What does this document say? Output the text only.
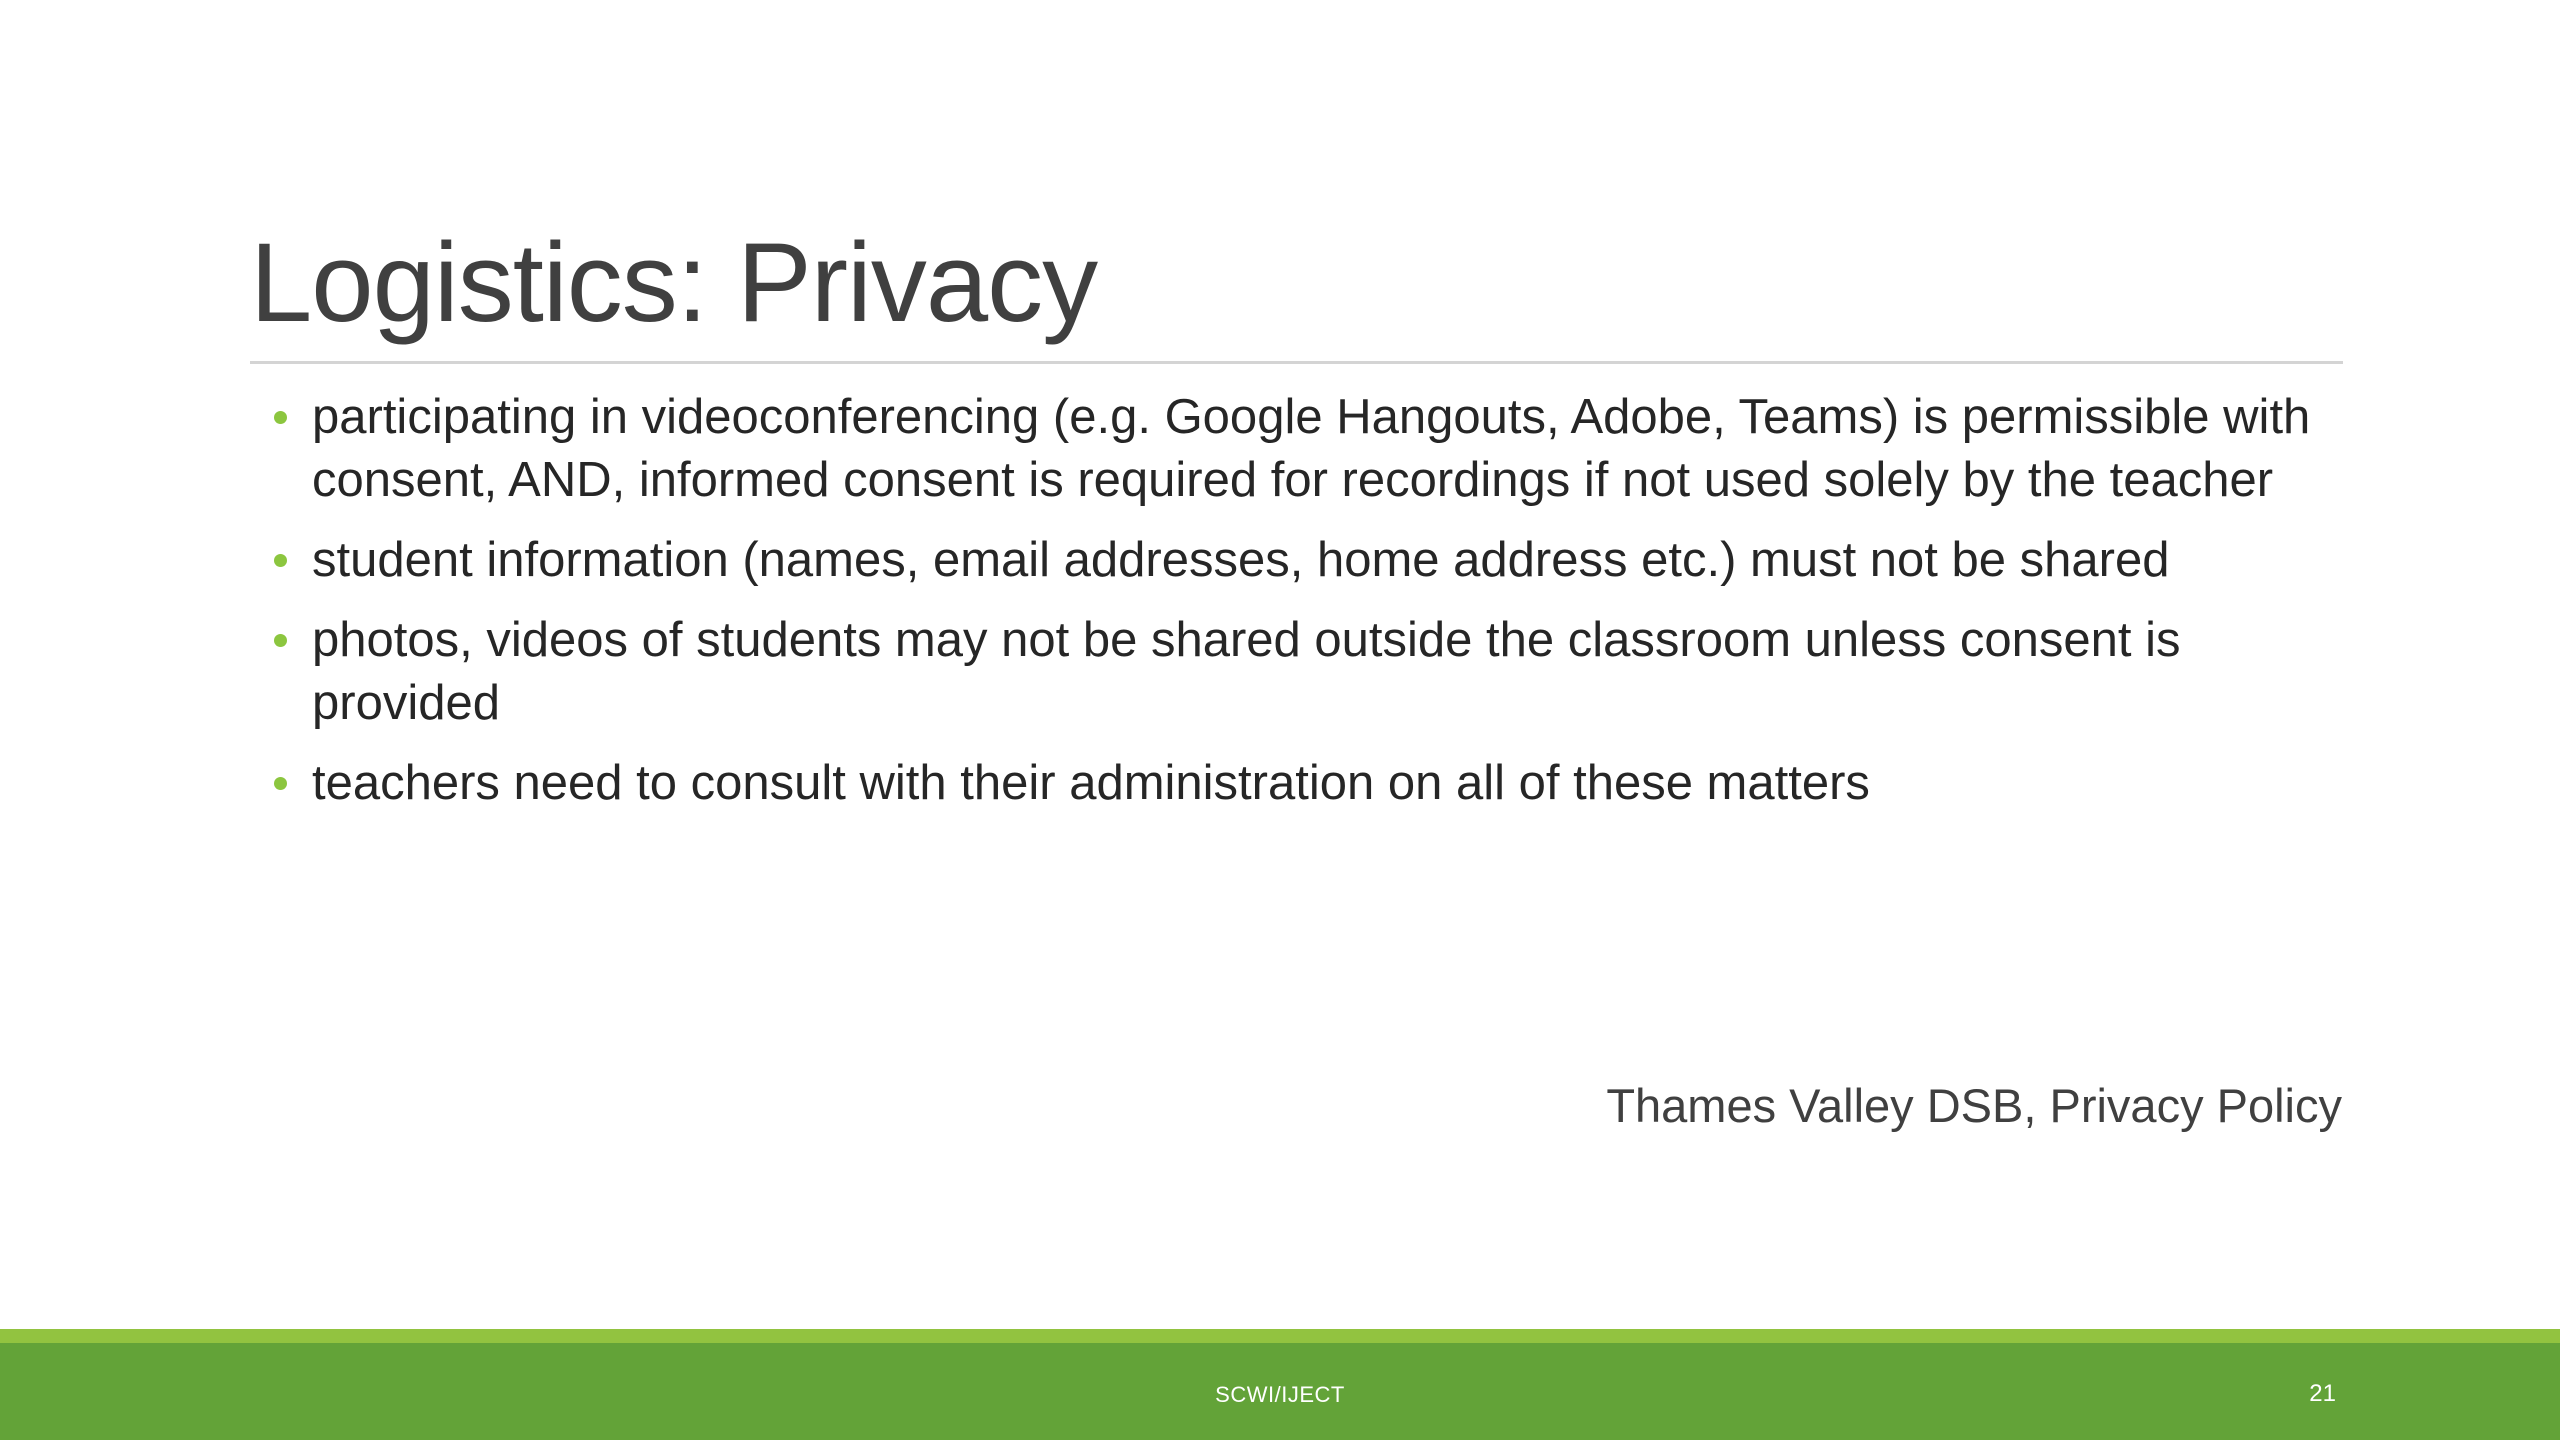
Logistics: Privacy
participating in videoconferencing (e.g. Google Hangouts, Adobe, Teams) is permissible with consent, AND, informed consent is required for recordings if not used solely by the teacher
student information (names, email addresses, home address etc.) must not be shared
photos, videos of students may not be shared outside the classroom unless consent is provided
teachers need to consult with their administration on all of these matters
Thames Valley DSB, Privacy Policy
SCWI/IJECT	21
